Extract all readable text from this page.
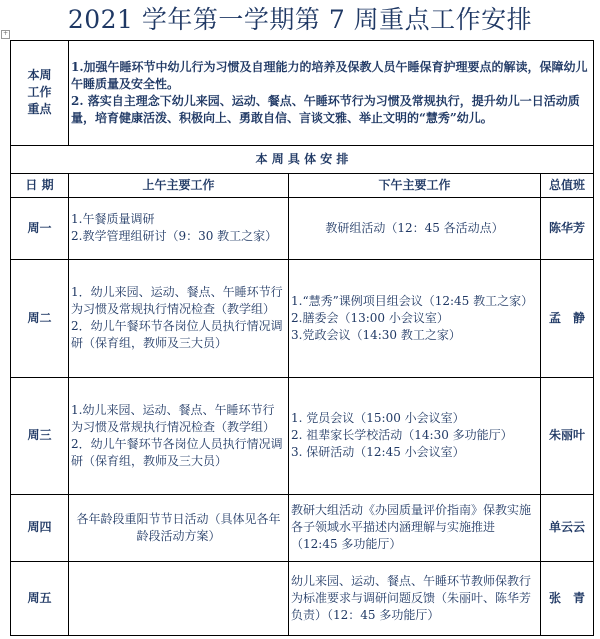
2021 学年第一学期第 7 周重点工作安排
+
本周
工作
重点	1.加强午睡环节中幼儿行为习惯及自理能力的培养及保教人员午睡保育护理要点的解读，保障幼儿午睡质量及安全性。
2. 落实自主理念下幼儿来园、运动、餐点、午睡环节行为习惯及常规执行，提升幼儿一日活动质量，培育健康活泼、积极向上、勇敢自信、言谈文雅、举止文明的“慧秀”幼儿。		

本 周 具 体 安 排			
日 期	上午主要工作	下午主要工作	总值班
周一	1.午餐质量调研
2.教学管理组研讨（9：30 教工之家）	教研组活动（12：45 各活动点）	陈华芳
周二	1．幼儿来园、运动、餐点、午睡环节行为习惯及常规执行情况检查（教学组）
2．幼儿午餐环节各岗位人员执行情况调研（保育组，教师及三大员）	1.“慧秀”课例项目组会议（12:45 教工之家）
2.膳委会（13:00 小会议室）
3.党政会议（14:30 教工之家）	孟　静
周三	1.幼儿来园、运动、餐点、午睡环节行为习惯及常规执行情况检查（教学组）
2．幼儿午餐环节各岗位人员执行情况调研（保育组，教师及三大员）	1. 党员会议（15:00 小会议室）
2. 祖辈家长学校活动（14:30 多功能厅）
3. 保研活动（12:45 小会议室）	朱丽叶
周四	各年龄段重阳节节日活动（具体见各年龄段活动方案）	教研大组活动《办园质量评价指南》保教实施各子领域水平描述内涵理解与实施推进（12:45 多功能厅）	单云云
周五		幼儿来园、运动、餐点、午睡环节教师保教行为标准要求与调研问题反馈（朱丽叶、陈华芳负责）（12：45 多功能厅）	张　青
